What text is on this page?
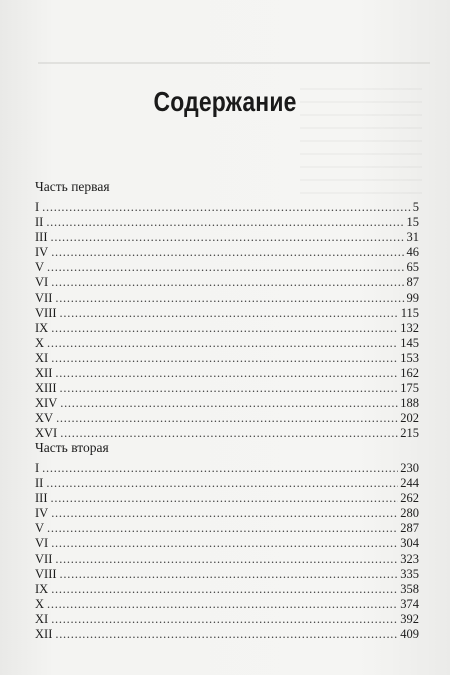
Содержание
Часть первая
I . . .	5
II . . .	15
III . . .	31
IV . . .	46
V . . .	65
VI . . .	87
VII . . .	99
VIII . . .	115
IX . . .	132
X . . .	145
XI . . .	153
XII . . .	162
XIII . . .	175
XIV . . .	188
XV . . .	202
XVI . . .	215
Часть вторая
I . . .	230
II . . .	244
III . . .	262
IV . . .	280
V . . .	287
VI . . .	304
VII . . .	323
VIII . . .	335
IX . . .	358
X . . .	374
XI . . .	392
XII . . .	409
